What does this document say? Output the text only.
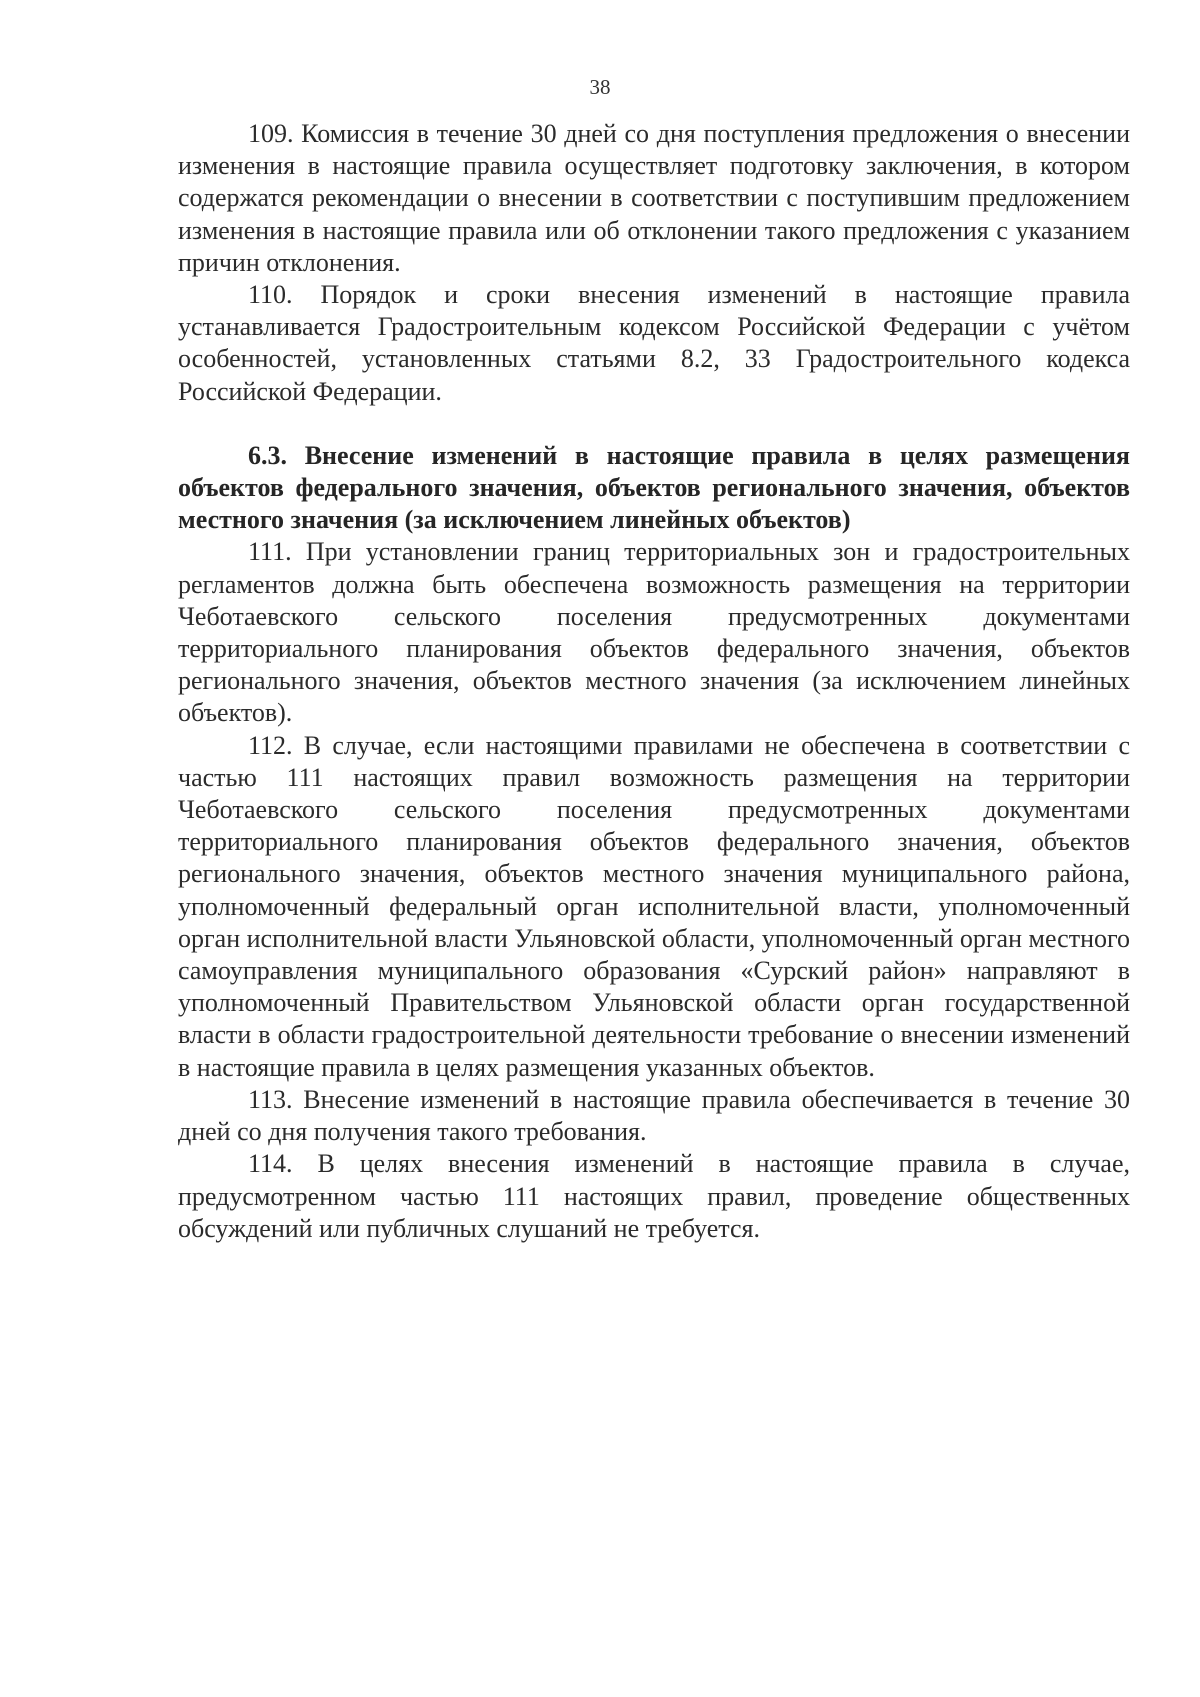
38

109. Комиссия в течение 30 дней со дня поступления предложения о внесении изменения в настоящие правила осуществляет подготовку заключения, в котором содержатся рекомендации о внесении в соответствии с поступившим предложением изменения в настоящие правила или об отклонении такого предложения с указанием причин отклонения.

110. Порядок и сроки внесения изменений в настоящие правила устанавливается Градостроительным кодексом Российской Федерации с учётом особенностей, установленных статьями 8.2, 33 Градостроительного кодекса Российской Федерации.

6.3. Внесение изменений в настоящие правила в целях размещения объектов федерального значения, объектов регионального значения, объектов местного значения (за исключением линейных объектов)

111. При установлении границ территориальных зон и градостроительных регламентов должна быть обеспечена возможность размещения на территории Чеботаевского сельского поселения предусмотренных документами территориального планирования объектов федерального значения, объектов регионального значения, объектов местного значения (за исключением линейных объектов).

112. В случае, если настоящими правилами не обеспечена в соответствии с частью 111 настоящих правил возможность размещения на территории Чеботаевского сельского поселения предусмотренных документами территориального планирования объектов федерального значения, объектов регионального значения, объектов местного значения муниципального района, уполномоченный федеральный орган исполнительной власти, уполномоченный орган исполнительной власти Ульяновской области, уполномоченный орган местного самоуправления муниципального образования «Сурский район» направляют в уполномоченный Правительством Ульяновской области орган государственной власти в области градостроительной деятельности требование о внесении изменений в настоящие правила в целях размещения указанных объектов.

113. Внесение изменений в настоящие правила обеспечивается в течение 30 дней со дня получения такого требования.

114. В целях внесения изменений в настоящие правила в случае, предусмотренном частью 111 настоящих правил, проведение общественных обсуждений или публичных слушаний не требуется.
